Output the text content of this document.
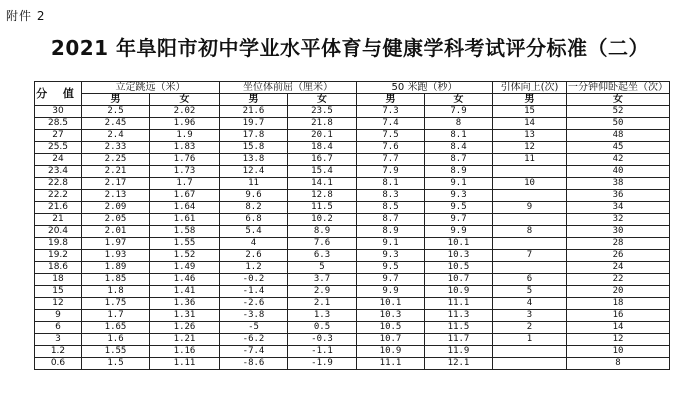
附件 2
2021 年阜阳市初中学业水平体育与健康学科考试评分标准（二）
分 值	立定跳远（米）		坐位体前屈（厘米）		50 米跑（秒）		引体向上(次)	一分钟仰卧起坐（次）
	男	女	男	女	男	女	男	女
30	2.5	2.02	21.6	23.5	7.3	7.9	15	52
28.5	2.45	1.96	19.7	21.8	7.4	8	14	50
27	2.4	1.9	17.8	20.1	7.5	8.1	13	48
25.5	2.33	1.83	15.8	18.4	7.6	8.4	12	45
24	2.25	1.76	13.8	16.7	7.7	8.7	11	42
23.4	2.21	1.73	12.4	15.4	7.9	8.9		40
22.8	2.17	1.7	11	14.1	8.1	9.1	10	38
22.2	2.13	1.67	9.6	12.8	8.3	9.3		36
21.6	2.09	1.64	8.2	11.5	8.5	9.5	9	34
21	2.05	1.61	6.8	10.2	8.7	9.7		32
20.4	2.01	1.58	5.4	8.9	8.9	9.9	8	30
19.8	1.97	1.55	4	7.6	9.1	10.1		28
19.2	1.93	1.52	2.6	6.3	9.3	10.3	7	26
18.6	1.89	1.49	1.2	5	9.5	10.5		24
18	1.85	1.46	-0.2	3.7	9.7	10.7	6	22
15	1.8	1.41	-1.4	2.9	9.9	10.9	5	20
12	1.75	1.36	-2.6	2.1	10.1	11.1	4	18
9	1.7	1.31	-3.8	1.3	10.3	11.3	3	16
6	1.65	1.26	-5	0.5	10.5	11.5	2	14
3	1.6	1.21	-6.2	-0.3	10.7	11.7	1	12
1.2	1.55	1.16	-7.4	-1.1	10.9	11.9		10
0.6	1.5	1.11	-8.6	-1.9	11.1	12.1		8
